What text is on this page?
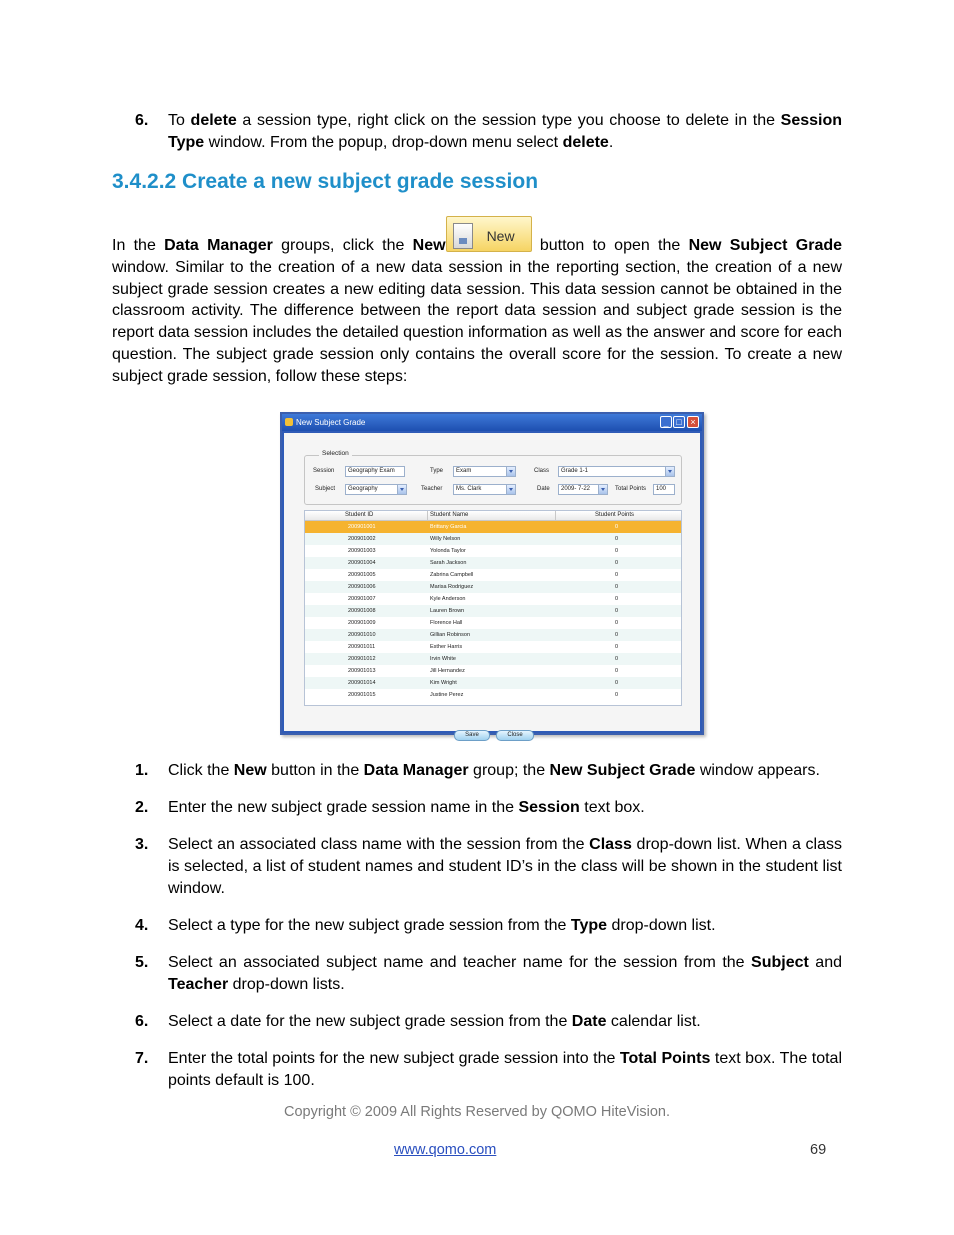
6. To delete a session type, right click on the session type you choose to delete in the Session Type window. From the popup, drop-down menu select delete.
3.4.2.2 Create a new subject grade session

In the Data Manager groups, click the New
New
button to open the New Subject Grade window. Similar to the creation of a new data session in the reporting section, the creation of a new subject grade session creates a new editing data session. This data session cannot be obtained in the classroom activity. The difference between the report data session and subject grade session is the report data session includes the detailed question information as well as the answer and score for each question. The subject grade session only contains the overall score for the session. To create a new subject grade session, follow these steps:

New Subject Grade	_ □ ×
Selection
Session	Geography Exam	Type	Exam	Class	Grade 1-1
Subject	Geography	Teacher	Ms. Clark	Date	2009- 7-22	Total Points	100
Student ID	Student Name	Student Points
200901001	Brittany Garcia	0
200901002	Willy Nelson	0
200901003	Yolonda Taylor	0
200901004	Sarah Jackson	0
200901005	Zabrina Campbell	0
200901006	Marisa Rodriguez	0
200901007	Kyle Anderson	0
200901008	Lauren Brown	0
200901009	Florence Hall	0
200901010	Gillian Robinson	0
200901011	Esther Harris	0
200901012	Irvin White	0
200901013	Jill Hernandez	0
200901014	Kim Wright	0
200901015	Justine Perez	0
Save	Close
1. Click the New button in the Data Manager group; the New Subject Grade window appears.
2. Enter the new subject grade session name in the Session text box.
3. Select an associated class name with the session from the Class drop-down list. When a class is selected, a list of student names and student ID’s in the class will be shown in the student list window.
4. Select a type for the new subject grade session from the Type drop-down list.
5. Select an associated subject name and teacher name for the session from the Subject and Teacher drop-down lists.
6. Select a date for the new subject grade session from the Date calendar list.
7. Enter the total points for the new subject grade session into the Total Points text box. The total points default is 100.
Copyright © 2009 All Rights Reserved by QOMO HiteVision.
www.qomo.com	69
